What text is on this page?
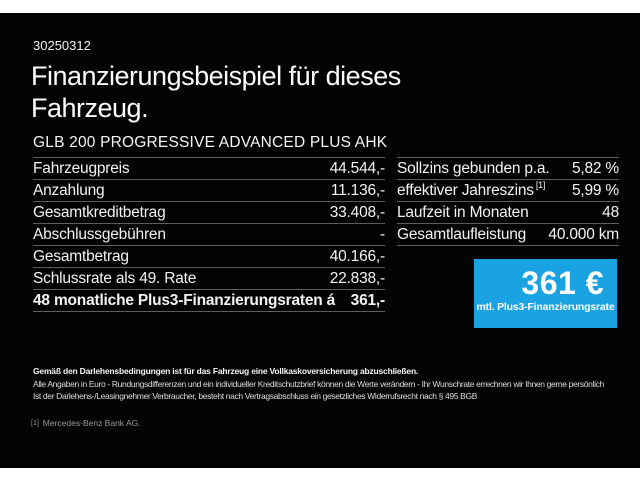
30250312
Finanzierungsbeispiel für dieses Fahrzeug.
GLB 200 PROGRESSIVE ADVANCED PLUS AHK
Fahrzeugpreis	44.544,-
Anzahlung	11.136,-
Gesamtkreditbetrag	33.408,-
Abschlussgebühren	-
Gesamtbetrag	40.166,-
Schlussrate als 49. Rate	22.838,-
48 monatliche Plus3-Finanzierungsraten á 361,-
Sollzins gebunden p.a. 5,82 %
effektiver Jahreszins [1] 5,99 %
Laufzeit in Monaten	48
Gesamtlaufleistung 40.000 km
361 €
mtl. Plus3-Finanzierungsrate
Gemäß den Darlehensbedingungen ist für das Fahrzeug eine Vollkaskoversicherung abzuschließen.
Alle Angaben in Euro - Rundungsdifferenzen und ein individueller Kreditschutzbrief können die Werte verändern - Ihr Wunschrate errechnen wir Ihnen gerne persönlich
Ist der Darlehens-/Leasingnehmer Verbraucher, besteht nach Vertragsabschluss ein gesetzliches Widerrufsrecht nach § 495 BGB
[1] Mercedes-Benz Bank AG.
